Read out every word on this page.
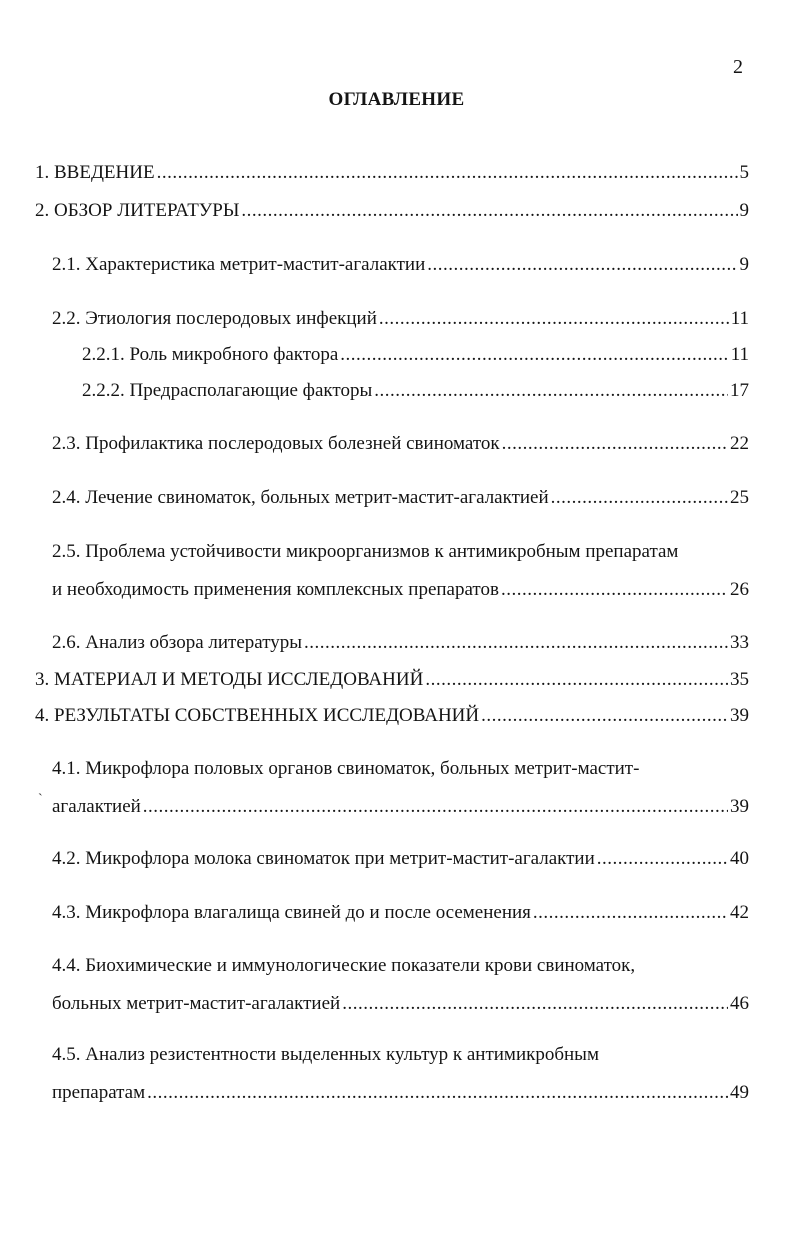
2
ОГЛАВЛЕНИЕ
`
1. ВВЕДЕНИЕ .....	5
2. ОБЗОР ЛИТЕРАТУРЫ .....	9
2.1. Характеристика метрит-мастит-агалактии .....	9
2.2. Этиология послеродовых инфекций .....	11
2.2.1. Роль микробного фактора .....	11
2.2.2. Предрасполагающие факторы .....	17
2.3. Профилактика послеродовых болезней свиноматок .....	22
2.4. Лечение свиноматок, больных метрит-мастит-агалактией .....	25
2.5. Проблема устойчивости микроорганизмов к антимикробным препаратам
и необходимость применения комплексных препаратов .....	26
2.6. Анализ обзора литературы .....	33
3. МАТЕРИАЛ И МЕТОДЫ ИССЛЕДОВАНИЙ .....	35
4. РЕЗУЛЬТАТЫ СОБСТВЕННЫХ ИССЛЕДОВАНИЙ .....	39
4.1. Микрофлора половых органов свиноматок, больных метрит-мастит-
агалактией .....	39
4.2. Микрофлора молока свиноматок при метрит-мастит-агалактии .....	40
4.3. Микрофлора влагалища свиней до и после осеменения .....	42
4.4. Биохимические и иммунологические показатели крови свиноматок,
больных метрит-мастит-агалактией .....	46
4.5. Анализ резистентности выделенных культур к антимикробным
препаратам .....	49
